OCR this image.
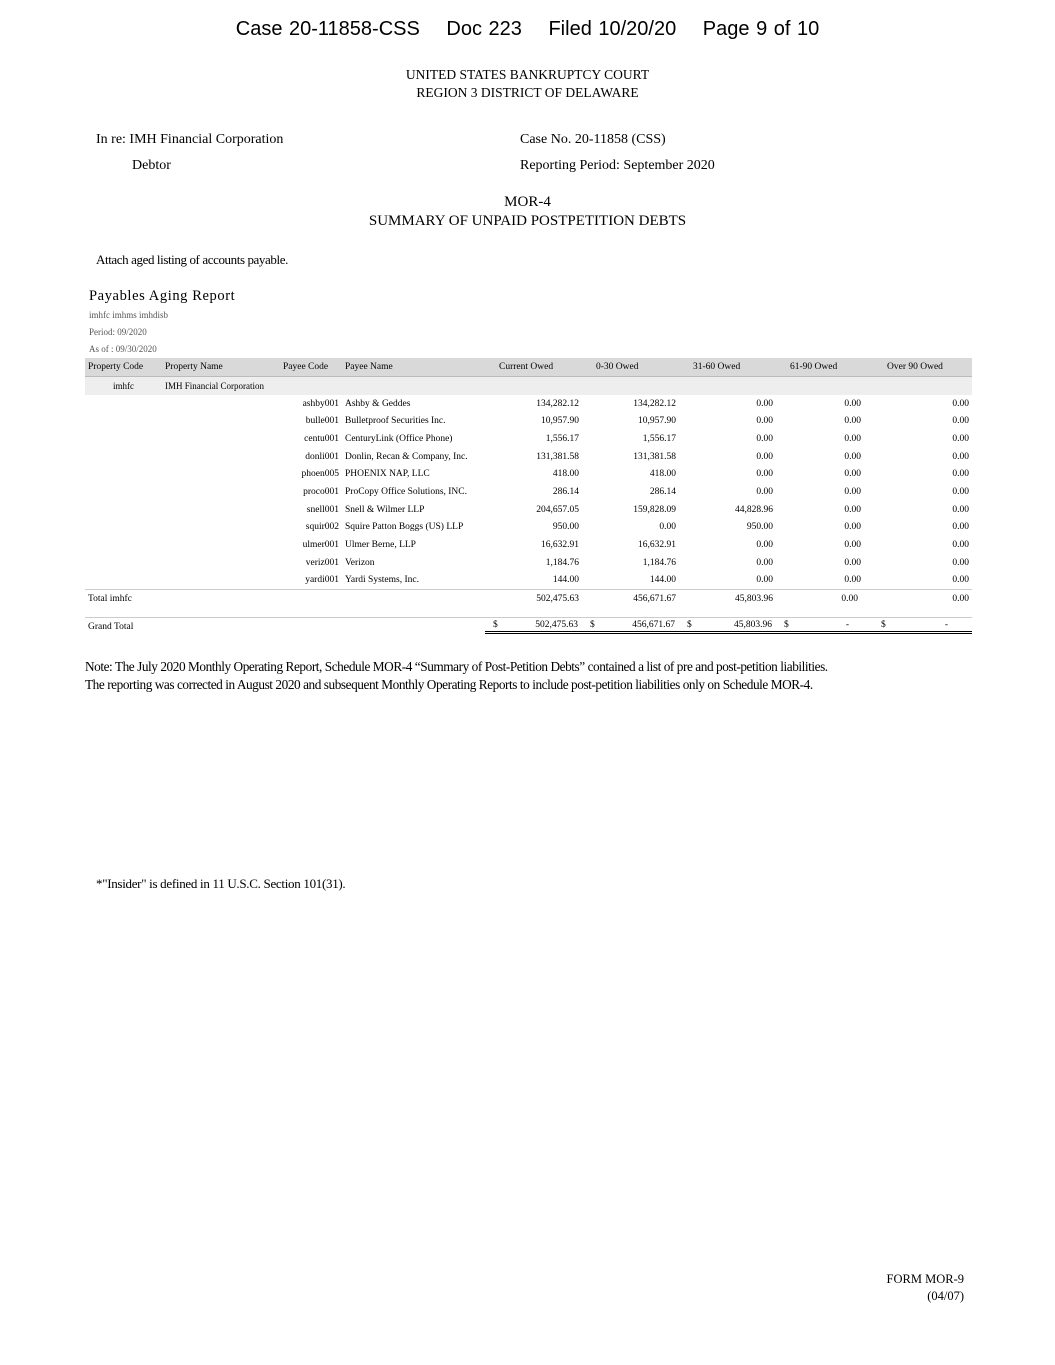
Case 20-11858-CSS Doc 223 Filed 10/20/20 Page 9 of 10
UNITED STATES BANKRUPTCY COURT
REGION 3 DISTRICT OF DELAWARE
In re: IMH Financial Corporation
Debtor
Case No. 20-11858 (CSS)
Reporting Period: September 2020
MOR-4
SUMMARY OF UNPAID POSTPETITION DEBTS
Attach aged listing of accounts payable.
Payables Aging Report
imhfc imhms imhdisb
Period: 09/2020
As of : 09/30/2020
Property Code	Property Name	Payee Code	Payee Name	Current Owed	0-30 Owed	31-60 Owed	61-90 Owed	Over 90 Owed
imhfc	IMH Financial Corporation							
		ashby001	Ashby & Geddes	134,282.12	134,282.12	0.00	0.00	0.00
		bulle001	Bulletproof Securities Inc.	10,957.90	10,957.90	0.00	0.00	0.00
		centu001	CenturyLink (Office Phone)	1,556.17	1,556.17	0.00	0.00	0.00
		donli001	Donlin, Recan & Company, Inc.	131,381.58	131,381.58	0.00	0.00	0.00
		phoen005	PHOENIX NAP, LLC	418.00	418.00	0.00	0.00	0.00
		proco001	ProCopy Office Solutions, INC.	286.14	286.14	0.00	0.00	0.00
		snell001	Snell & Wilmer LLP	204,657.05	159,828.09	44,828.96	0.00	0.00
		squir002	Squire Patton Boggs (US) LLP	950.00	0.00	950.00	0.00	0.00
		ulmer001	Ulmer Berne, LLP	16,632.91	16,632.91	0.00	0.00	0.00
		veriz001	Verizon	1,184.76	1,184.76	0.00	0.00	0.00
		yardi001	Yardi Systems, Inc.	144.00	144.00	0.00	0.00	0.00
Total imhfc				502,475.63	456,671.67	45,803.96	0.00	0.00

Grand Total				$ 502,475.63	$ 456,671.67	$ 45,803.96	$ -	$ -
Note: The July 2020 Monthly Operating Report, Schedule MOR-4 “Summary of Post-Petition Debts” contained a list of pre and post-petition liabilities.
The reporting was corrected in August 2020 and subsequent Monthly Operating Reports to include post-petition liabilities only on Schedule MOR-4.
*"Insider" is defined in 11 U.S.C. Section 101(31).
FORM MOR-9
(04/07)
